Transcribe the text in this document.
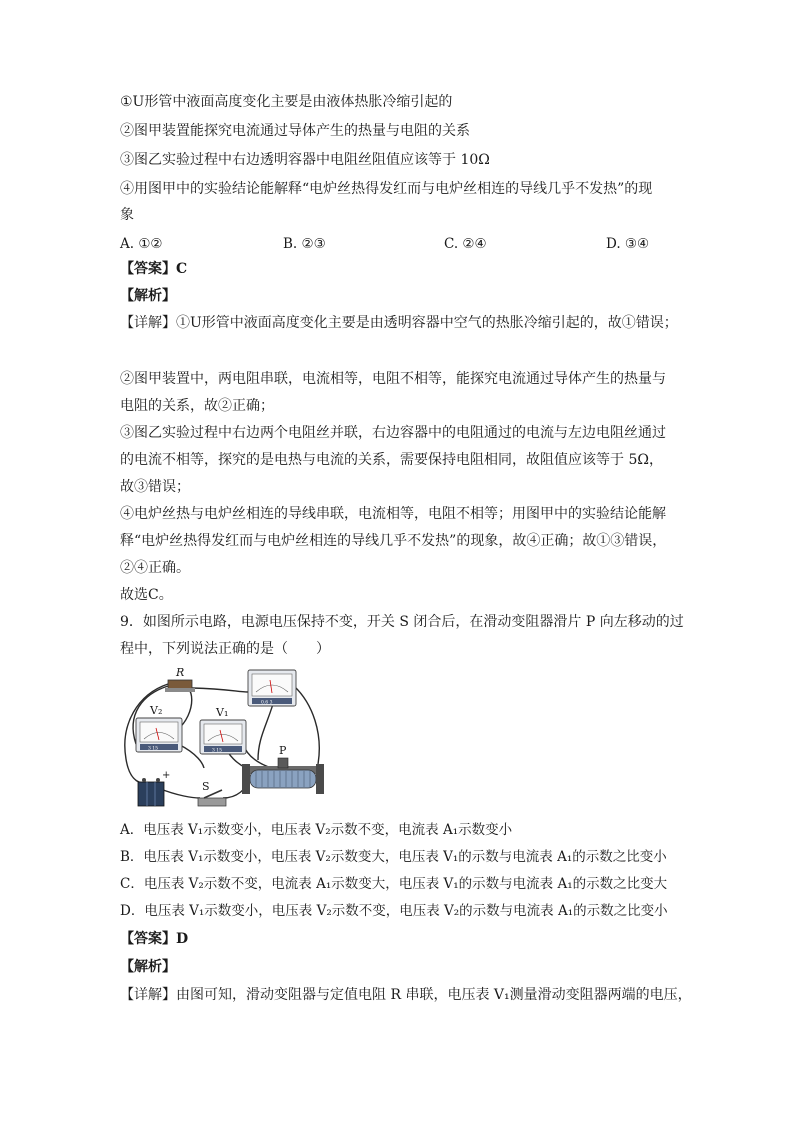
①U形管中液面高度变化主要是由液体热胀冷缩引起的
②图甲装置能探究电流通过导体产生的热量与电阻的关系
③图乙实验过程中右边透明容器中电阻丝阻值应该等于 10Ω
④用图甲中的实验结论能解释“电炉丝热得发红而与电炉丝相连的导线几乎不发热”的现
象
A. ①②	B. ②③	C. ②④	D. ③④
【答案】C
【解析】
【详解】①U形管中液面高度变化主要是由透明容器中空气的热胀冷缩引起的，故①错误；
②图甲装置中，两电阻串联，电流相等，电阻不相等，能探究电流通过导体产生的热量与
电阻的关系，故②正确；
③图乙实验过程中右边两个电阻丝并联，右边容器中的电阻通过的电流与左边电阻丝通过
的电流不相等，探究的是电热与电流的关系，需要保持电阻相同，故阻值应该等于 5Ω，
故③错误；
④电炉丝热与电炉丝相连的导线串联，电流相等，电阻不相等；用图甲中的实验结论能解
释“电炉丝热得发红而与电炉丝相连的导线几乎不发热”的现象，故④正确；故①③错误，
②④正确。
故选C。
9．如图所示电路，电源电压保持不变，开关 S 闭合后，在滑动变阻器滑片 P 向左移动的过
程中，下列说法正确的是（　　）
R
0.6 3
3 15
V₂
3 15
V₁
P
+
S
A．电压表 V₁示数变小，电压表 V₂示数不变，电流表 A₁示数变小
B．电压表 V₁示数变小，电压表 V₂示数变大，电压表 V₁的示数与电流表 A₁的示数之比变小
C．电压表 V₂示数不变，电流表 A₁示数变大，电压表 V₁的示数与电流表 A₁的示数之比变大
D．电压表 V₁示数变小，电压表 V₂示数不变，电压表 V₂的示数与电流表 A₁的示数之比变小
【答案】D
【解析】
【详解】由图可知，滑动变阻器与定值电阻 R 串联，电压表 V₁测量滑动变阻器两端的电压，
